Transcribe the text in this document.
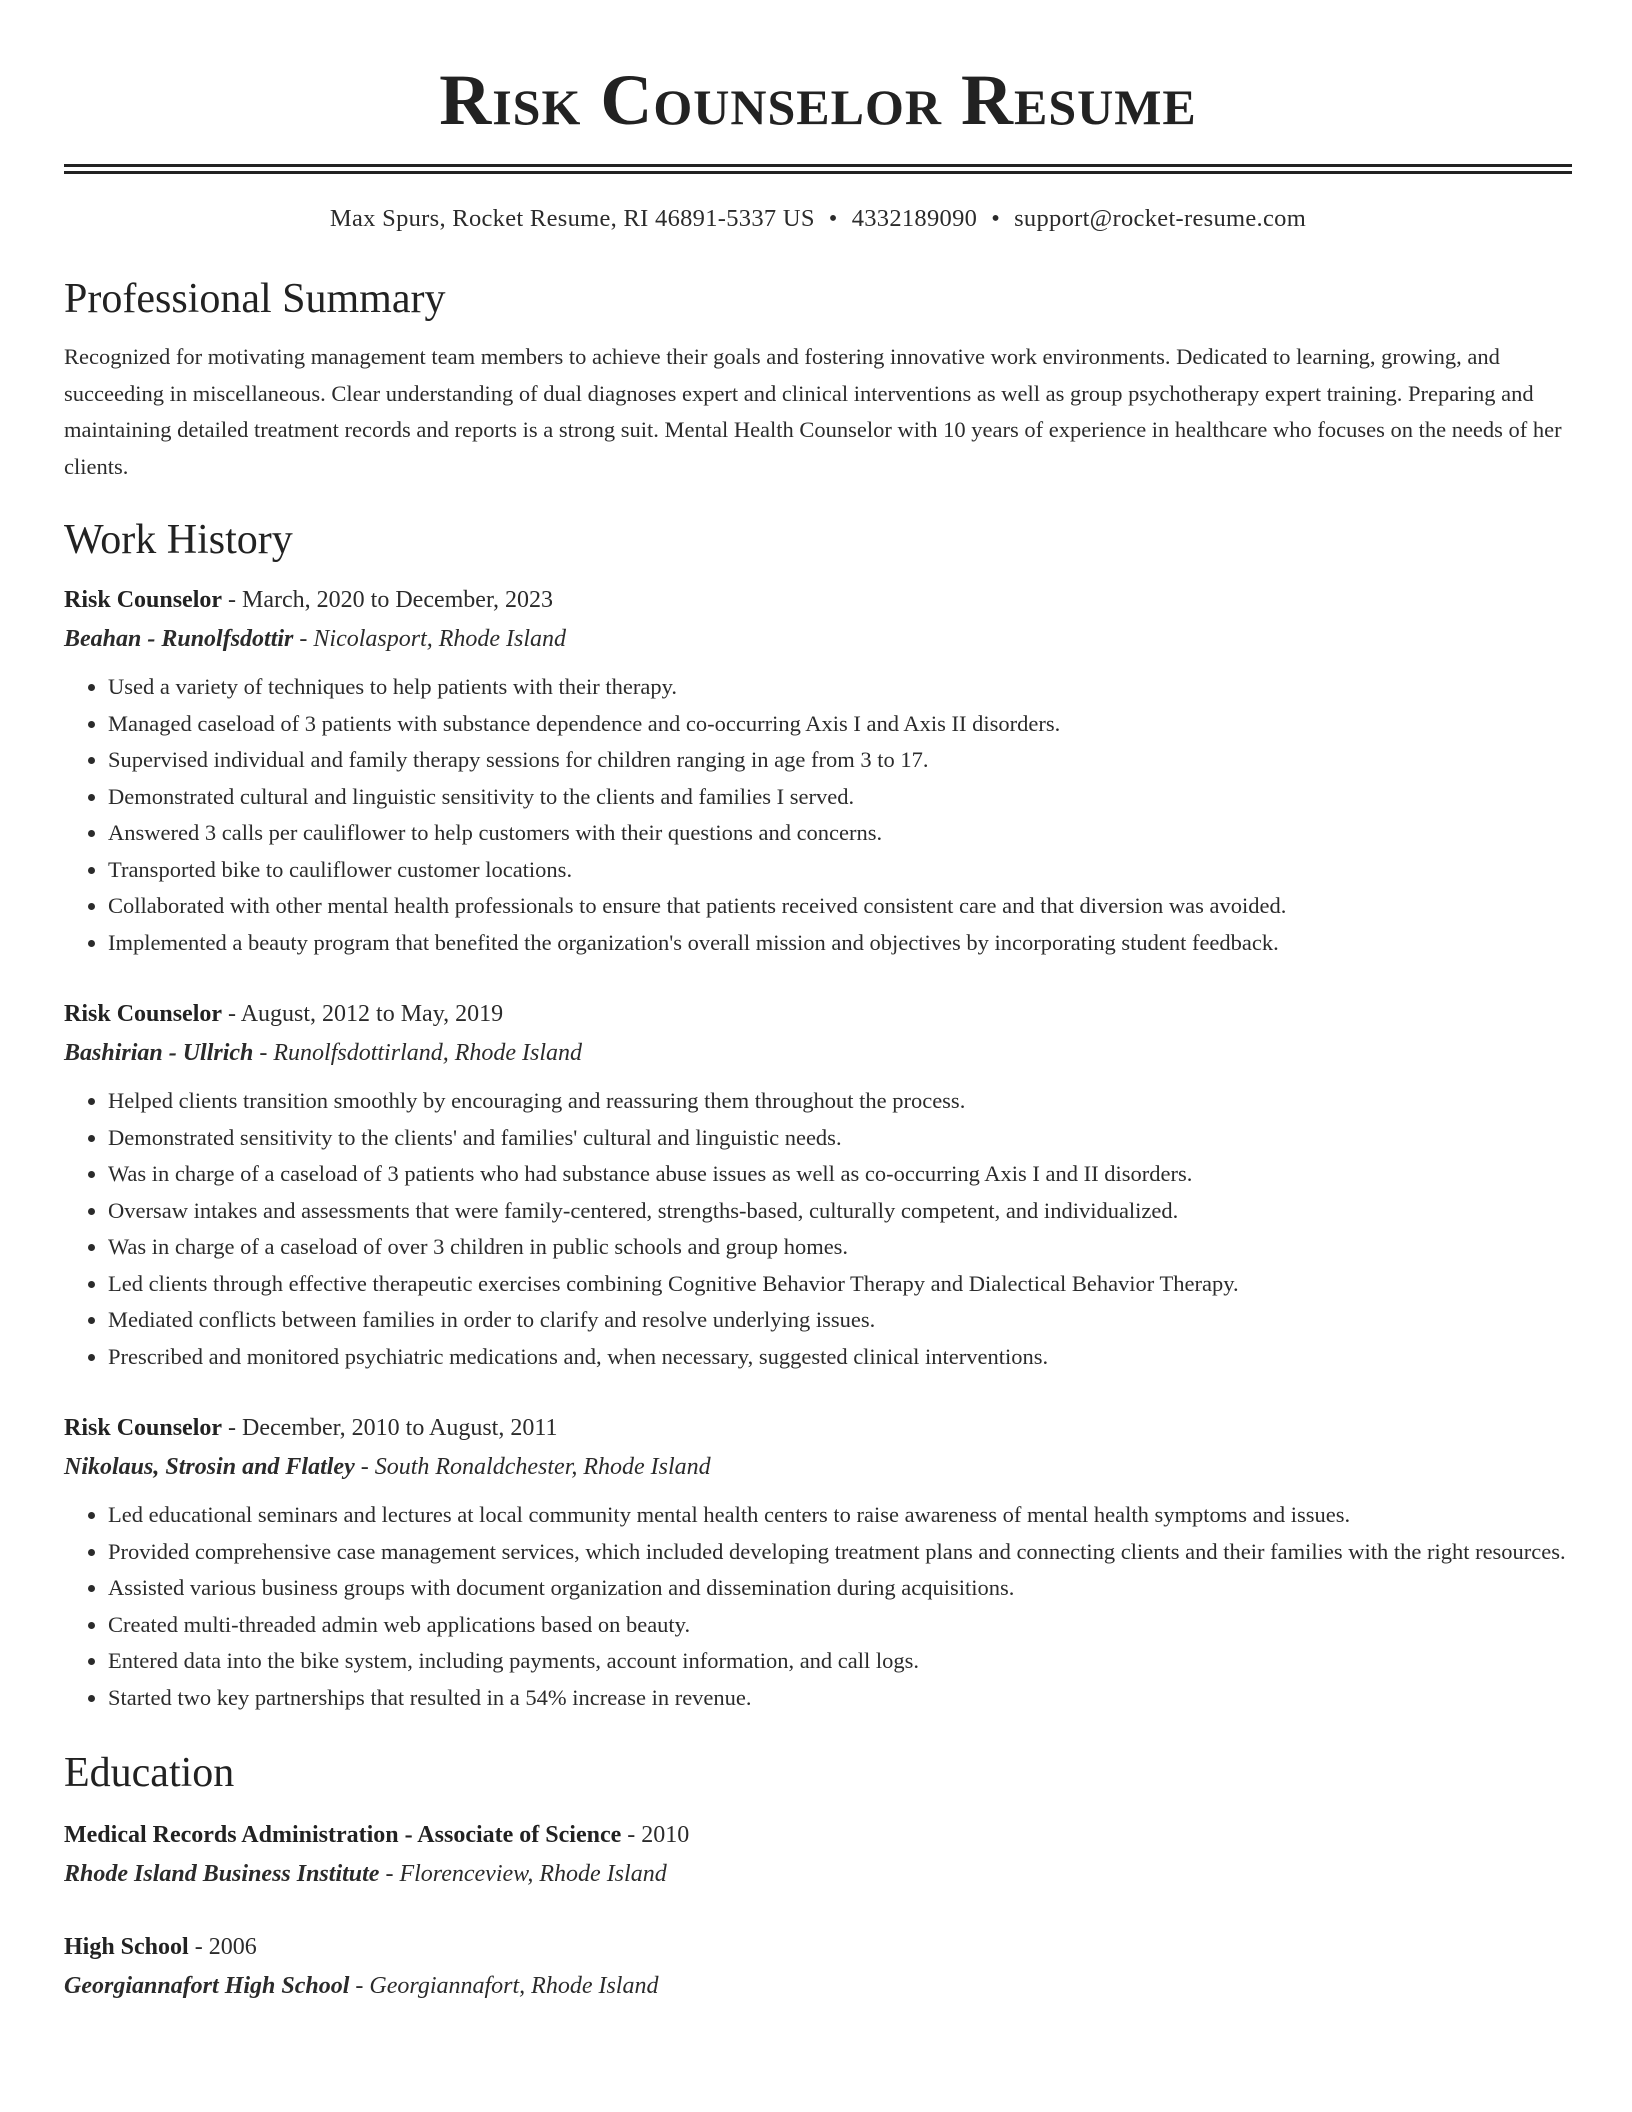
Risk Counselor Resume
Max Spurs, Rocket Resume, RI 46891-5337 US • 4332189090 • support@rocket-resume.com
Professional Summary

Recognized for motivating management team members to achieve their goals and fostering innovative work environments. Dedicated to learning, growing, and succeeding in miscellaneous. Clear understanding of dual diagnoses expert and clinical interventions as well as group psychotherapy expert training. Preparing and maintaining detailed treatment records and reports is a strong suit. Mental Health Counselor with 10 years of experience in healthcare who focuses on the needs of her clients.

Work History
Risk Counselor - March, 2020 to December, 2023
Beahan - Runolfsdottir - Nicolasport, Rhode Island
• Used a variety of techniques to help patients with their therapy.
• Managed caseload of 3 patients with substance dependence and co-occurring Axis I and Axis II disorders.
• Supervised individual and family therapy sessions for children ranging in age from 3 to 17.
• Demonstrated cultural and linguistic sensitivity to the clients and families I served.
• Answered 3 calls per cauliflower to help customers with their questions and concerns.
• Transported bike to cauliflower customer locations.
• Collaborated with other mental health professionals to ensure that patients received consistent care and that diversion was avoided.
• Implemented a beauty program that benefited the organization's overall mission and objectives by incorporating student feedback.
Risk Counselor - August, 2012 to May, 2019
Bashirian - Ullrich - Runolfsdottirland, Rhode Island
• Helped clients transition smoothly by encouraging and reassuring them throughout the process.
• Demonstrated sensitivity to the clients' and families' cultural and linguistic needs.
• Was in charge of a caseload of 3 patients who had substance abuse issues as well as co-occurring Axis I and II disorders.
• Oversaw intakes and assessments that were family-centered, strengths-based, culturally competent, and individualized.
• Was in charge of a caseload of over 3 children in public schools and group homes.
• Led clients through effective therapeutic exercises combining Cognitive Behavior Therapy and Dialectical Behavior Therapy.
• Mediated conflicts between families in order to clarify and resolve underlying issues.
• Prescribed and monitored psychiatric medications and, when necessary, suggested clinical interventions.
Risk Counselor - December, 2010 to August, 2011
Nikolaus, Strosin and Flatley - South Ronaldchester, Rhode Island
• Led educational seminars and lectures at local community mental health centers to raise awareness of mental health symptoms and issues.
• Provided comprehensive case management services, which included developing treatment plans and connecting clients and their families with the right resources.
• Assisted various business groups with document organization and dissemination during acquisitions.
• Created multi-threaded admin web applications based on beauty.
• Entered data into the bike system, including payments, account information, and call logs.
• Started two key partnerships that resulted in a 54% increase in revenue.
Education
Medical Records Administration - Associate of Science - 2010
Rhode Island Business Institute - Florenceview, Rhode Island
High School - 2006
Georgiannafort High School - Georgiannafort, Rhode Island
